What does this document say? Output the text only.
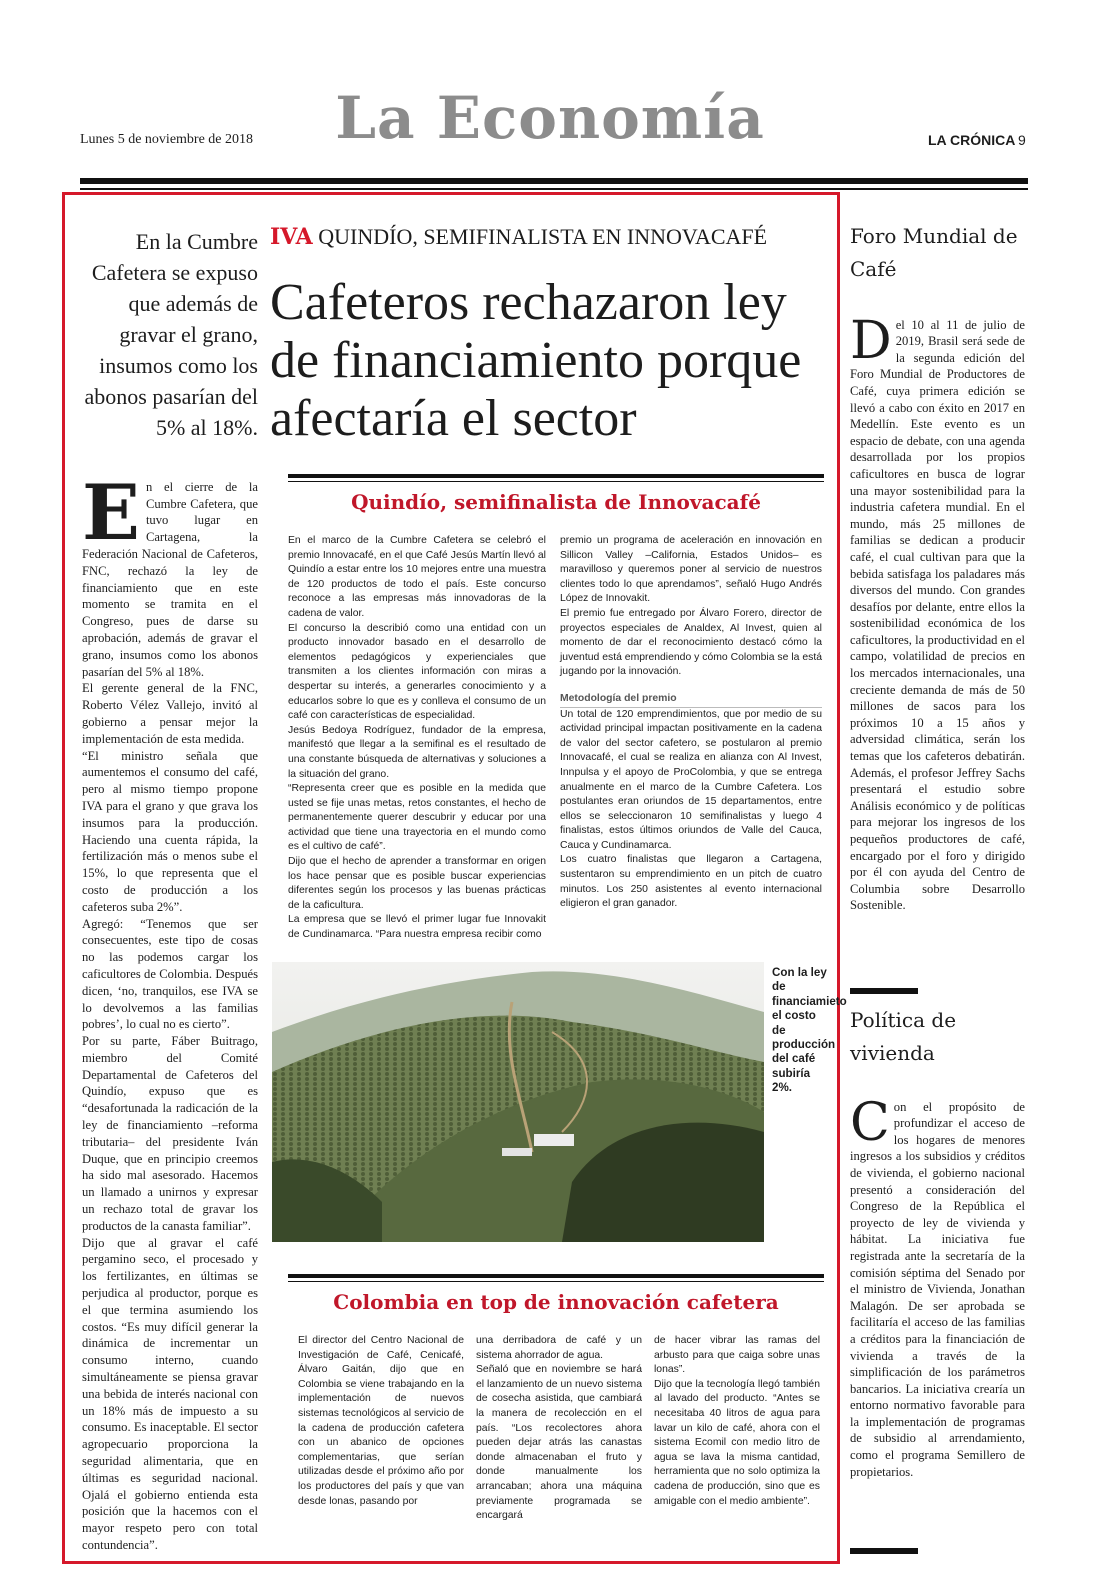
Lunes 5 de noviembre de 2018	La Economía	LA CRÓNICA 9
En la Cumbre Cafetera se expuso que además de gravar el grano, insumos como los abonos pasarían del 5% al 18%.

En el cierre de la Cumbre Cafetera, que tuvo lugar en Cartagena, la Federación Nacional de Cafeteros, FNC, rechazó la ley de financiamiento que en este momento se tramita en el Congreso, pues de darse su aprobación, además de gravar el grano, insumos como los abonos pasarían del 5% al 18%.
El gerente general de la FNC, Roberto Vélez Vallejo, invitó al gobierno a pensar mejor la implementación de esta medida.
“El ministro señala que aumentemos el consumo del café, pero al mismo tiempo propone IVA para el grano y que grava los insumos para la producción. Haciendo una cuenta rápida, la fertilización más o menos sube el 15%, lo que representa que el costo de producción a los cafeteros suba 2%”.
Agregó: “Tenemos que ser consecuentes, este tipo de cosas no las podemos cargar los caficultores de Colombia. Después dicen, ‘no, tranquilos, ese IVA se lo devolvemos a las familias pobres’, lo cual no es cierto”.
Por su parte, Fáber Buitrago, miembro del Comité Departamental de Cafeteros del Quindío, expuso que es “desafortunada la radicación de la ley de financiamiento –reforma tributaria– del presidente Iván Duque, que en principio creemos ha sido mal asesorado. Hacemos un llamado a unirnos y expresar un rechazo total de gravar los productos de la canasta familiar”.
Dijo que al gravar el café pergamino seco, el procesado y los fertilizantes, en últimas se perjudica al productor, porque es el que termina asumiendo los costos. “Es muy difícil generar la dinámica de incrementar un consumo interno, cuando simultáneamente se piensa gravar una bebida de interés nacional con un 18% más de impuesto a su consumo. Es inaceptable. El sector agropecuario proporciona la seguridad alimentaria, que en últimas es seguridad nacional. Ojalá el gobierno entienda esta posición que la hacemos con el mayor respeto pero con total contundencia”.

IVA QUINDÍO, SEMIFINALISTA EN INNOVACAFÉ
Cafeteros rechazaron ley de financiamiento porque afectaría el sector
Quindío, semifinalista de Innovacafé
En el marco de la Cumbre Cafetera se celebró el premio Innovacafé, en el que Café Jesús Martín llevó al Quindío a estar entre los 10 mejores entre una muestra de 120 productos de todo el país. Este concurso reconoce a las empresas más innovadoras de la cadena de valor.
El concurso la describió como una entidad con un producto innovador basado en el desarrollo de elementos pedagógicos y experienciales que transmiten a los clientes información con miras a despertar su interés, a generarles conocimiento y a educarlos sobre lo que es y conlleva el consumo de un café con características de especialidad.
Jesús Bedoya Rodríguez, fundador de la empresa, manifestó que llegar a la semifinal es el resultado de una constante búsqueda de alternativas y soluciones a la situación del grano.
“Representa creer que es posible en la medida que usted se fije unas metas, retos constantes, el hecho de permanentemente querer descubrir y educar por una actividad que tiene una trayectoria en el mundo como es el cultivo de café”.
Dijo que el hecho de aprender a transformar en origen los hace pensar que es posible buscar experiencias diferentes según los procesos y las buenas prácticas de la caficultura.
La empresa que se llevó el primer lugar fue Innovakit de Cundinamarca. “Para nuestra empresa recibir como
premio un programa de aceleración en innovación en Sillicon Valley –California, Estados Unidos– es maravilloso y queremos poner al servicio de nuestros clientes todo lo que aprendamos”, señaló Hugo Andrés López de Innovakit.
El premio fue entregado por Álvaro Forero, director de proyectos especiales de Analdex, Al Invest, quien al momento de dar el reconocimiento destacó cómo la juventud está emprendiendo y cómo Colombia se la está jugando por la innovación.
Metodología del premio
Un total de 120 emprendimientos, que por medio de su actividad principal impactan positivamente en la cadena de valor del sector cafetero, se postularon al premio Innovacafé, el cual se realiza en alianza con Al Invest, Innpulsa y el apoyo de ProColombia, y que se entrega anualmente en el marco de la Cumbre Cafetera. Los postulantes eran oriundos de 15 departamentos, entre ellos se seleccionaron 10 semifinalistas y luego 4 finalistas, estos últimos oriundos de Valle del Cauca, Cauca y Cundinamarca.
Los cuatro finalistas que llegaron a Cartagena, sustentaron su emprendimiento en un pitch de cuatro minutos. Los 250 asistentes al evento internacional eligieron el gran ganador.
Con la ley de financiamieto el costo de producción del café subiría 2%.
Colombia en top de innovación cafetera
El director del Centro Nacional de Investigación de Café, Cenicafé, Álvaro Gaitán, dijo que en Colombia se viene trabajando en la implementación de nuevos sistemas tecnológicos al servicio de la cadena de producción cafetera con un abanico de opciones complementarias, que serían utilizadas desde el próximo año por los productores del país y que van desde lonas, pasando por
una derribadora de café y un sistema ahorrador de agua.
Señaló que en noviembre se hará el lanzamiento de un nuevo sistema de cosecha asistida, que cambiará la manera de recolección en el país. “Los recolectores ahora pueden dejar atrás las canastas donde almacenaban el fruto y donde manualmente los arrancaban; ahora una máquina previamente programada se encargará
de hacer vibrar las ramas del arbusto para que caiga sobre unas lonas”.
Dijo que la tecnología llegó también al lavado del producto. “Antes se necesitaba 40 litros de agua para lavar un kilo de café, ahora con el sistema Ecomil con medio litro de agua se lava la misma cantidad, herramienta que no solo optimiza la cadena de producción, sino que es amigable con el medio ambiente”.
Foro Mundial de Café

Del 10 al 11 de julio de 2019, Brasil será sede de la segunda edición del Foro Mundial de Productores de Café, cuya primera edición se llevó a cabo con éxito en 2017 en Medellín. Este evento es un espacio de debate, con una agenda desarrollada por los propios caficultores en busca de lograr una mayor sostenibilidad para la industria cafetera mundial. En el mundo, más 25 millones de familias se dedican a producir café, el cual cultivan para que la bebida satisfaga los paladares más diversos del mundo. Con grandes desafíos por delante, entre ellos la sostenibilidad económica de los caficultores, la productividad en el campo, volatilidad de precios en los mercados internacionales, una creciente demanda de más de 50 millones de sacos para los próximos 10 a 15 años y adversidad climática, serán los temas que los cafeteros debatirán. Además, el profesor Jeffrey Sachs presentará el estudio sobre Análisis económico y de políticas para mejorar los ingresos de los pequeños productores de café, encargado por el foro y dirigido por él con ayuda del Centro de Columbia sobre Desarrollo Sostenible.

Política de vivienda

Con el propósito de profundizar el acceso de los hogares de menores ingresos a los subsidios y créditos de vivienda, el gobierno nacional presentó a consideración del Congreso de la República el proyecto de ley de vivienda y hábitat. La iniciativa fue registrada ante la secretaría de la comisión séptima del Senado por el ministro de Vivienda, Jonathan Malagón. De ser aprobada se facilitaría el acceso de las familias a créditos para la financiación de vivienda a través de la simplificación de los parámetros bancarios. La iniciativa crearía un entorno normativo favorable para la implementación de programas de subsidio al arrendamiento, como el programa Semillero de propietarios.
